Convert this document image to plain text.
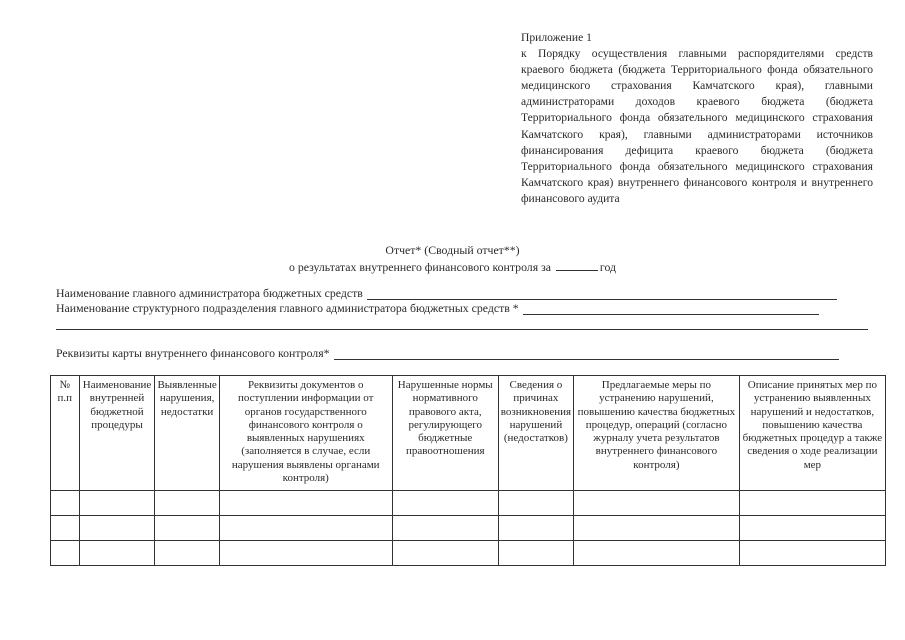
Приложение 1
к Порядку осуществления главными распорядителями средств краевого бюджета (бюджета Территориального фонда обязательного медицинского страхования Камчатского края), главными администраторами доходов краевого бюджета (бюджета Территориального фонда обязательного медицинского страхования Камчатского края), главными администраторами источников финансирования дефицита краевого бюджета (бюджета Территориального фонда обязательного медицинского страхования Камчатского края) внутреннего финансового контроля и внутреннего финансового аудита
Отчет* (Сводный отчет**)
о результатах внутреннего финансового контроля за	год
Наименование главного администратора бюджетных средств
Наименование структурного подразделения главного администратора бюджетных средств *
Реквизиты карты внутреннего финансового контроля*
№ п.п	Наименование внутренней бюджетной процедуры	Выявленные нарушения, недостатки	Реквизиты документов о поступлении информации от органов государственного финансового контроля о выявленных нарушениях (заполняется в случае, если нарушения выявлены органами контроля)	Нарушенные нормы нормативного правового акта, регулирующего бюджетные правоотношения	Сведения о причинах возникновения нарушений (недостатков)	Предлагаемые меры по устранению нарушений, повышению качества бюджетных процедур, операций (согласно журналу учета результатов внутреннего финансового контроля)	Описание принятых мер по устранению выявленных нарушений и недостатков, повышению качества бюджетных процедур а также сведения о ходе реализации мер
